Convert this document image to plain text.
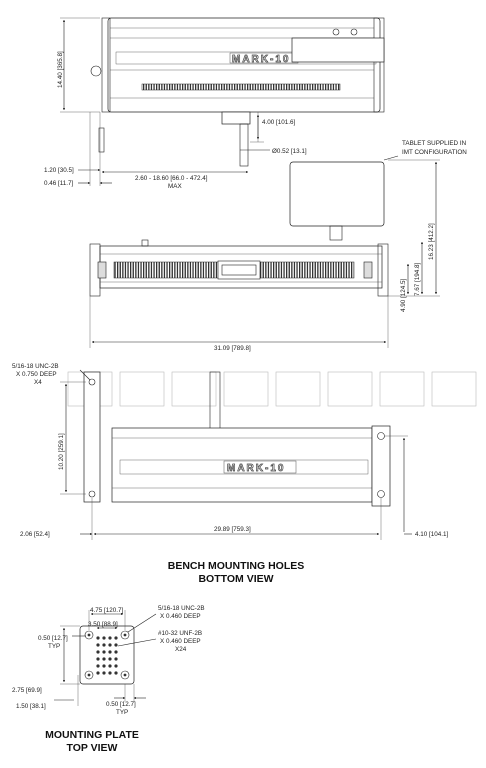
MARK-10
14.40 [365.8]
4.00 [101.6]
Ø0.52 [13.1]
1.20 [30.5]
0.46 [11.7]
2.60 - 18.60 [66.0 - 472.4]
MAX
TABLET SUPPLIED IN
IMT CONFIGURATION
16.23 [412.2]
4.90 [124.5] 7.67 [194.8]
31.09 [789.8]
MARK-10
5/16-18 UNC-2B
X 0.750 DEEP
X4
10.20 [259.1]
2.06 [52.4]
29.89 [759.3]
4.10 [104.1]
BENCH MOUNTING HOLES
BOTTOM VIEW
4.75 [120.7]
3.50 [88.9]
0.50 [12.7]
TYP
2.75 [69.9]
1.50 [38.1]	0.50 [12.7]
TYP
5/16-18 UNC-2B
X 0.460 DEEP
#10-32 UNF-2B
X 0.460 DEEP
X24
MOUNTING PLATE
TOP VIEW
